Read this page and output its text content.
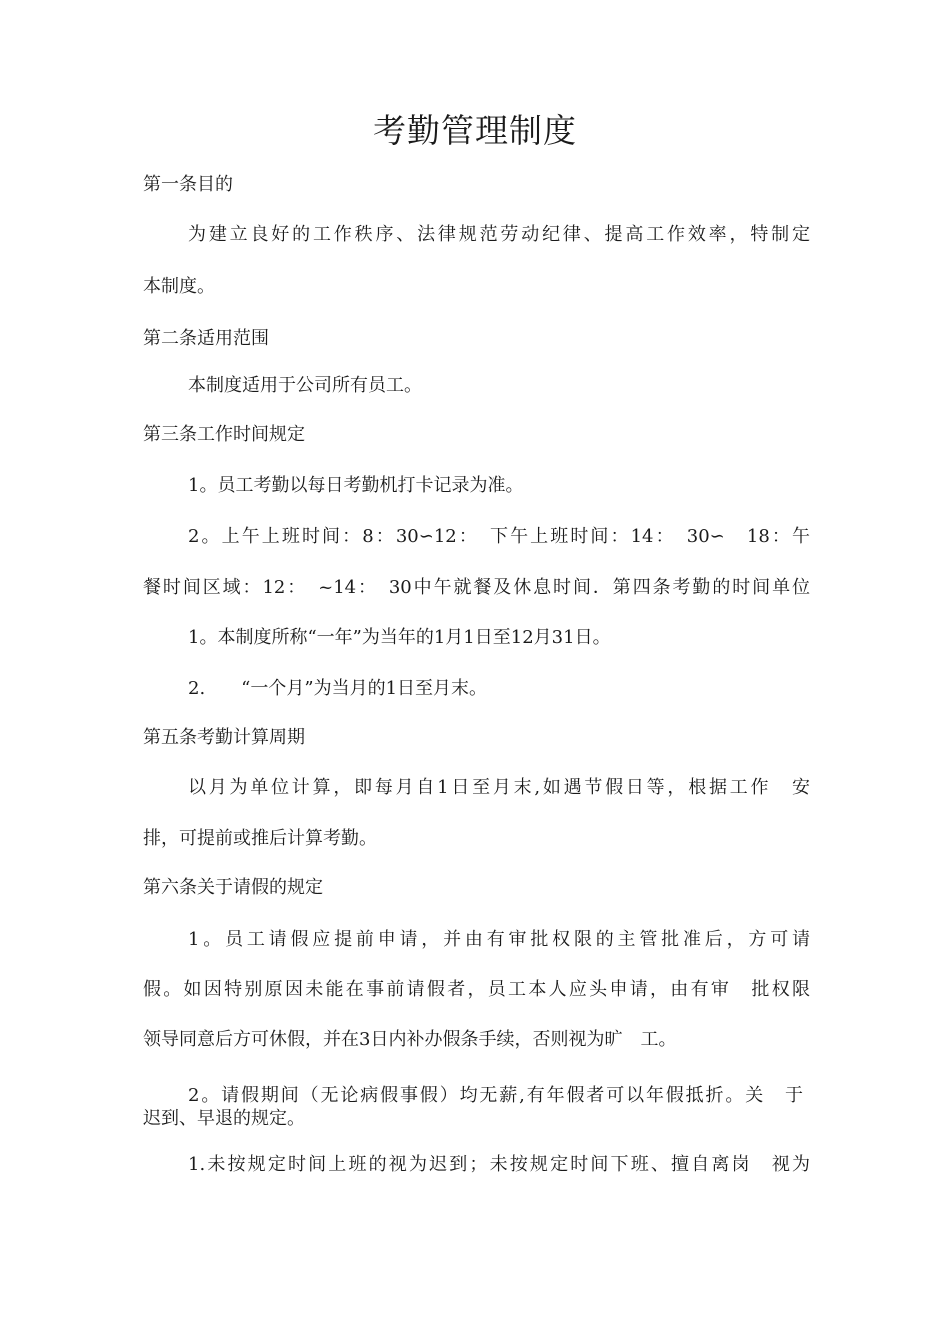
考勤管理制度
第一条目的
为建立良好的工作秩序、法律规范劳动纪律、提高工作效率，特制定
本制度。
第二条适用范围
本制度适用于公司所有员工。
第三条工作时间规定
1。员工考勤以每日考勤机打卡记录为准。
2。上午上班时间：8：30∽12：　下午上班时间：14：　30∽　18：午
餐时间区域：12：　~14：　30中午就餐及休息时间．第四条考勤的时间单位
1。本制度所称“一年”为当年的1月1日至12月31日。
2.　　“一个月”为当月的1日至月末。
第五条考勤计算周期
以月为单位计算，即每月自1日至月末,如遇节假日等，根据工作　安
排，可提前或推后计算考勤。
第六条关于请假的规定
1。员工请假应提前申请，并由有审批权限的主管批准后，方可请
假。如因特别原因未能在事前请假者，员工本人应头申请，由有审　批权限
领导同意后方可休假，并在3日内补办假条手续，否则视为旷　工。
2。请假期间（无论病假事假）均无薪,有年假者可以年假抵折。关　于
迟到、早退的规定。
1.未按规定时间上班的视为迟到；未按规定时间下班、擅自离岗　视为
